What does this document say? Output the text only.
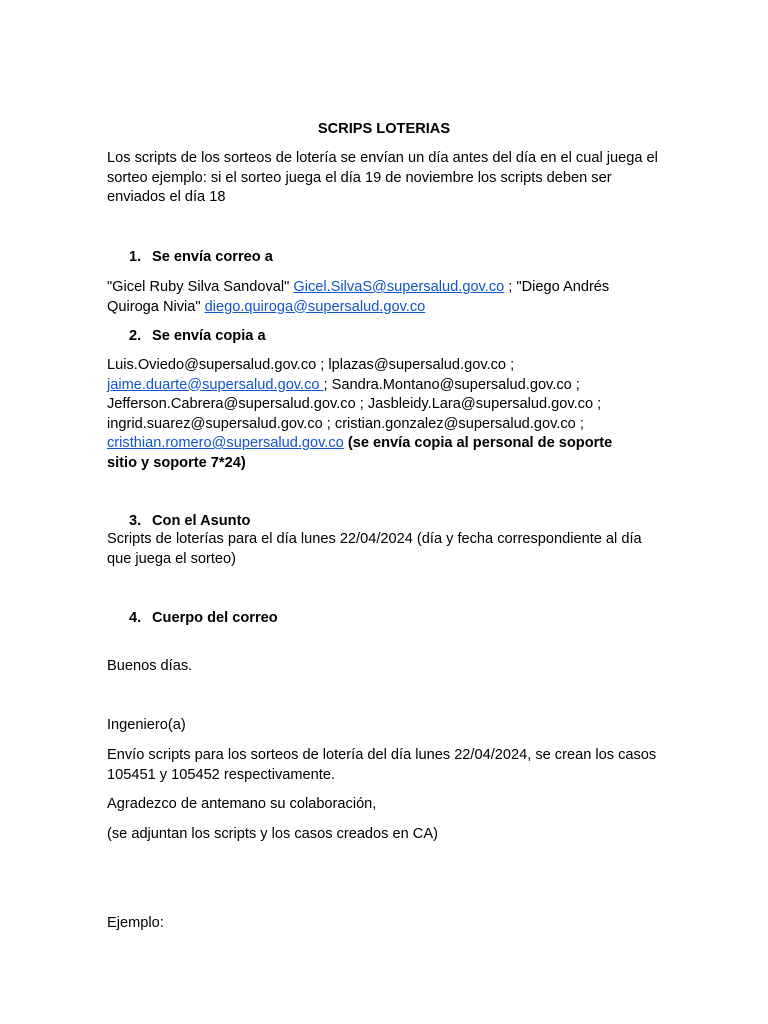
SCRIPS LOTERIAS

Los scripts de los sorteos de lotería se envían un día antes del día en el cual juega el sorteo ejemplo: si el sorteo juega el día 19 de noviembre los scripts deben ser enviados el día 18

1. Se envía correo a

"Gicel Ruby Silva Sandoval" Gicel.SilvaS@supersalud.gov.co ; "Diego Andrés
Quiroga Nivia" diego.quiroga@supersalud.gov.co

2. Se envía copia a

Luis.Oviedo@supersalud.gov.co ; lplazas@supersalud.gov.co ;
jaime.duarte@supersalud.gov.co ; Sandra.Montano@supersalud.gov.co ;
Jefferson.Cabrera@supersalud.gov.co ; Jasbleidy.Lara@supersalud.gov.co ;
ingrid.suarez@supersalud.gov.co ; cristian.gonzalez@supersalud.gov.co ;
cristhian.romero@supersalud.gov.co (se envía copia al personal de soporte
sitio y soporte 7*24)

3. Con el Asunto

Scripts de loterías para el día lunes 22/04/2024 (día y fecha correspondiente al día que juega el sorteo)

4. Cuerpo del correo

Buenos días.

Ingeniero(a)

Envío scripts para los sorteos de lotería del día lunes 22/04/2024, se crean los casos 105451 y 105452 respectivamente.

Agradezco de antemano su colaboración,

(se adjuntan los scripts y los casos creados en CA)

Ejemplo:
